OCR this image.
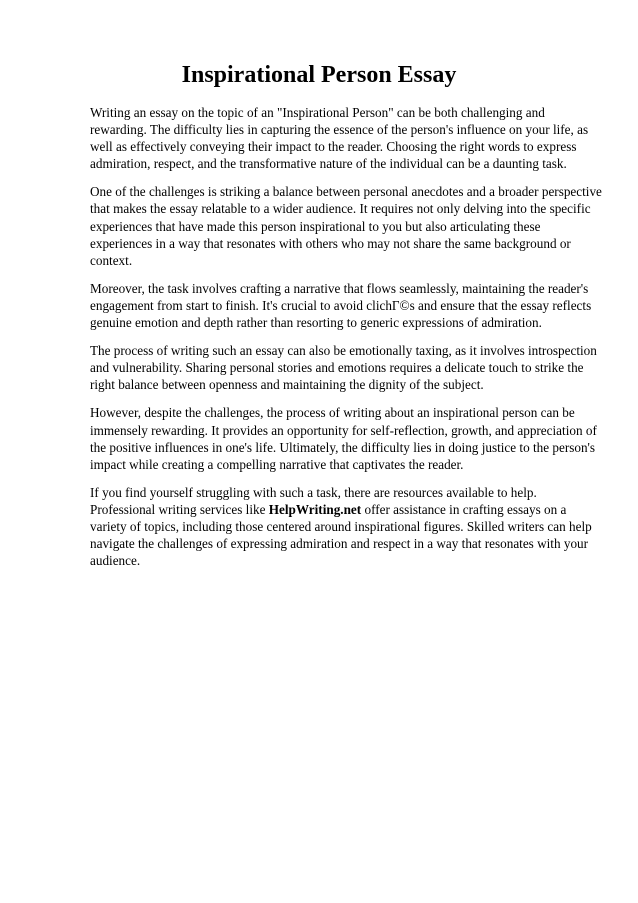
Inspirational Person Essay

Writing an essay on the topic of an "Inspirational Person" can be both challenging and rewarding. The difficulty lies in capturing the essence of the person's influence on your life, as well as effectively conveying their impact to the reader. Choosing the right words to express admiration, respect, and the transformative nature of the individual can be a daunting task.

One of the challenges is striking a balance between personal anecdotes and a broader perspective that makes the essay relatable to a wider audience. It requires not only delving into the specific experiences that have made this person inspirational to you but also articulating these experiences in a way that resonates with others who may not share the same background or context.

Moreover, the task involves crafting a narrative that flows seamlessly, maintaining the reader's engagement from start to finish. It's crucial to avoid clichГ©s and ensure that the essay reflects genuine emotion and depth rather than resorting to generic expressions of admiration.

The process of writing such an essay can also be emotionally taxing, as it involves introspection and vulnerability. Sharing personal stories and emotions requires a delicate touch to strike the right balance between openness and maintaining the dignity of the subject.

However, despite the challenges, the process of writing about an inspirational person can be immensely rewarding. It provides an opportunity for self-reflection, growth, and appreciation of the positive influences in one's life. Ultimately, the difficulty lies in doing justice to the person's impact while creating a compelling narrative that captivates the reader.

If you find yourself struggling with such a task, there are resources available to help. Professional writing services like HelpWriting.net offer assistance in crafting essays on a variety of topics, including those centered around inspirational figures. Skilled writers can help navigate the challenges of expressing admiration and respect in a way that resonates with your audience.
